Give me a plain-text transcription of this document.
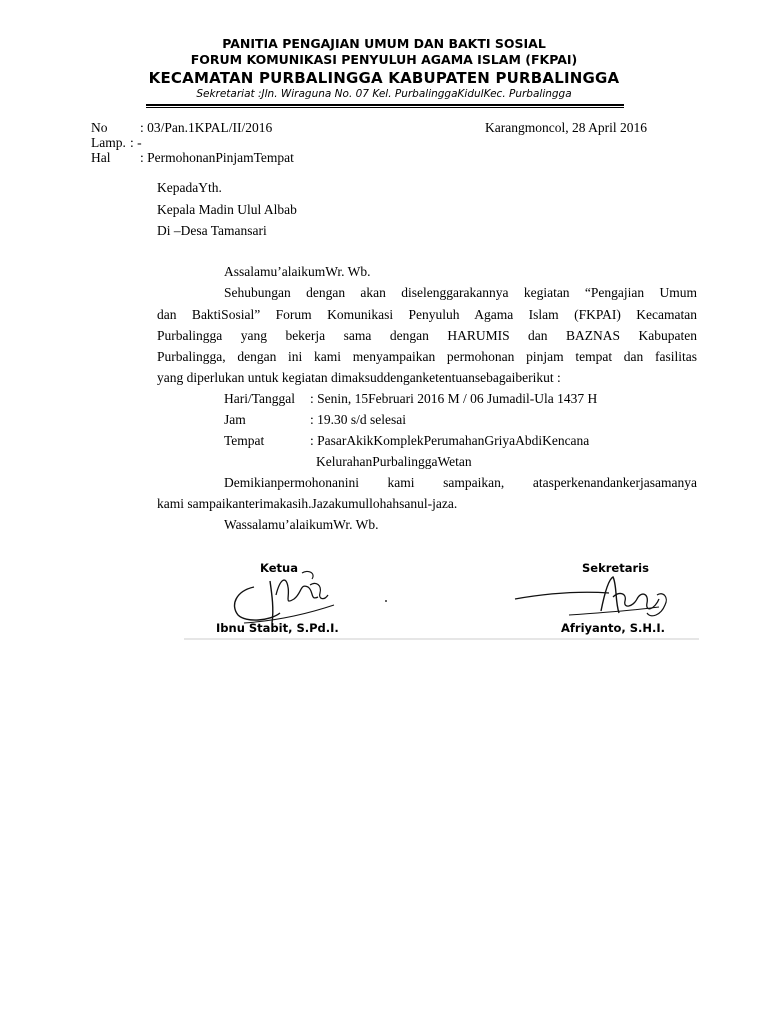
PANITIA PENGAJIAN UMUM DAN BAKTI SOSIAL
FORUM KOMUNIKASI PENYULUH AGAMA ISLAM (FKPAI)
KECAMATAN PURBALINGGA KABUPATEN PURBALINGGA
Sekretariat :Jln. Wiraguna No. 07 Kel. PurbalinggaKidulKec. Purbalingga
No : 03/Pan.1KPAL/II/2016	Karangmoncol, 28 April 2016
Lamp. : -
Hal : PermohonanPinjamTempat
KepadaYth.
Kepala Madin Ulul Albab
Di –Desa Tamansari
Assalamu’alaikumWr. Wb.
Sehubungan dengan akan diselenggarakannya kegiatan “Pengajian Umum
dan BaktiSosial” Forum Komunikasi Penyuluh Agama Islam (FKPAI) Kecamatan
Purbalingga yang bekerja sama dengan HARUMIS dan BAZNAS Kabupaten
Purbalingga, dengan ini kami menyampaikan permohonan pinjam tempat dan fasilitas
yang diperlukan untuk kegiatan dimaksuddenganketentuansebagaiberikut :
Hari/Tanggal : Senin, 15Februari 2016 M / 06 Jumadil-Ula 1437 H
Jam	: 19.30 s/d selesai
Tempat	: PasarAkikKomplekPerumahanGriyaAbdiKencana
KelurahanPurbalinggaWetan
Demikianpermohonanini kami sampaikan, atasperkenandankerjasamanya
kami sampaikanterimakasih.Jazakumullohahsanul-jaza.
Wassalamu’alaikumWr. Wb.
Ketua	Sekretaris
Ibnu Stabit, S.Pd.I.	Afriyanto, S.H.I.
